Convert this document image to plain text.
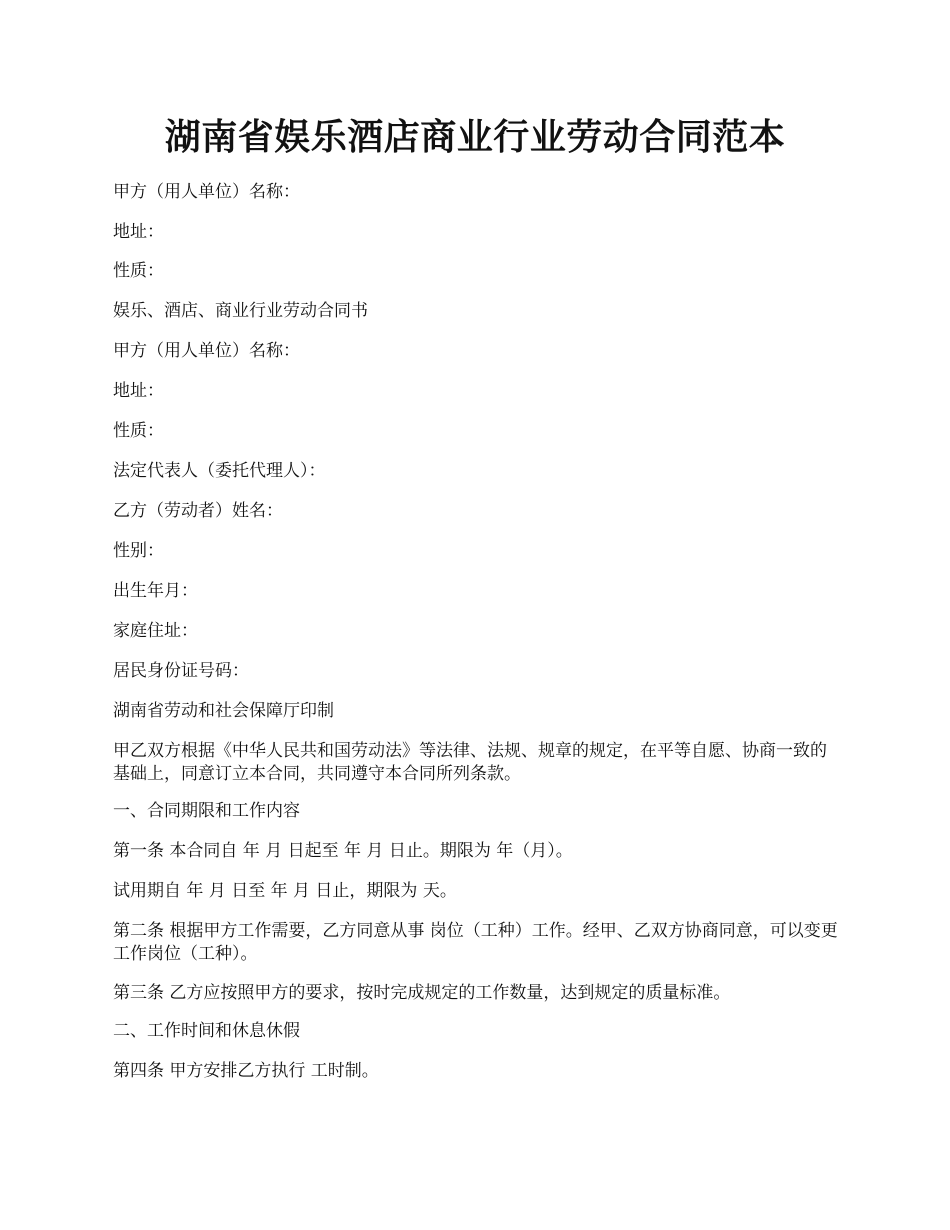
湖南省娱乐酒店商业行业劳动合同范本

甲方（用人单位）名称：

地址：

性质：

娱乐、酒店、商业行业劳动合同书

甲方（用人单位）名称：

地址：

性质：

法定代表人（委托代理人）：

乙方（劳动者）姓名：

性别：

出生年月：

家庭住址：

居民身份证号码：

湖南省劳动和社会保障厅印制

甲乙双方根据《中华人民共和国劳动法》等法律、法规、规章的规定，在平等自愿、协商一致的基础上，同意订立本合同，共同遵守本合同所列条款。

一、合同期限和工作内容

第一条 本合同自 年 月 日起至 年 月 日止。期限为 年（月）。

试用期自 年 月 日至 年 月 日止，期限为 天。

第二条 根据甲方工作需要，乙方同意从事 岗位（工种）工作。经甲、乙双方协商同意，可以变更工作岗位（工种）。

第三条 乙方应按照甲方的要求，按时完成规定的工作数量，达到规定的质量标准。

二、工作时间和休息休假

第四条 甲方安排乙方执行 工时制。
